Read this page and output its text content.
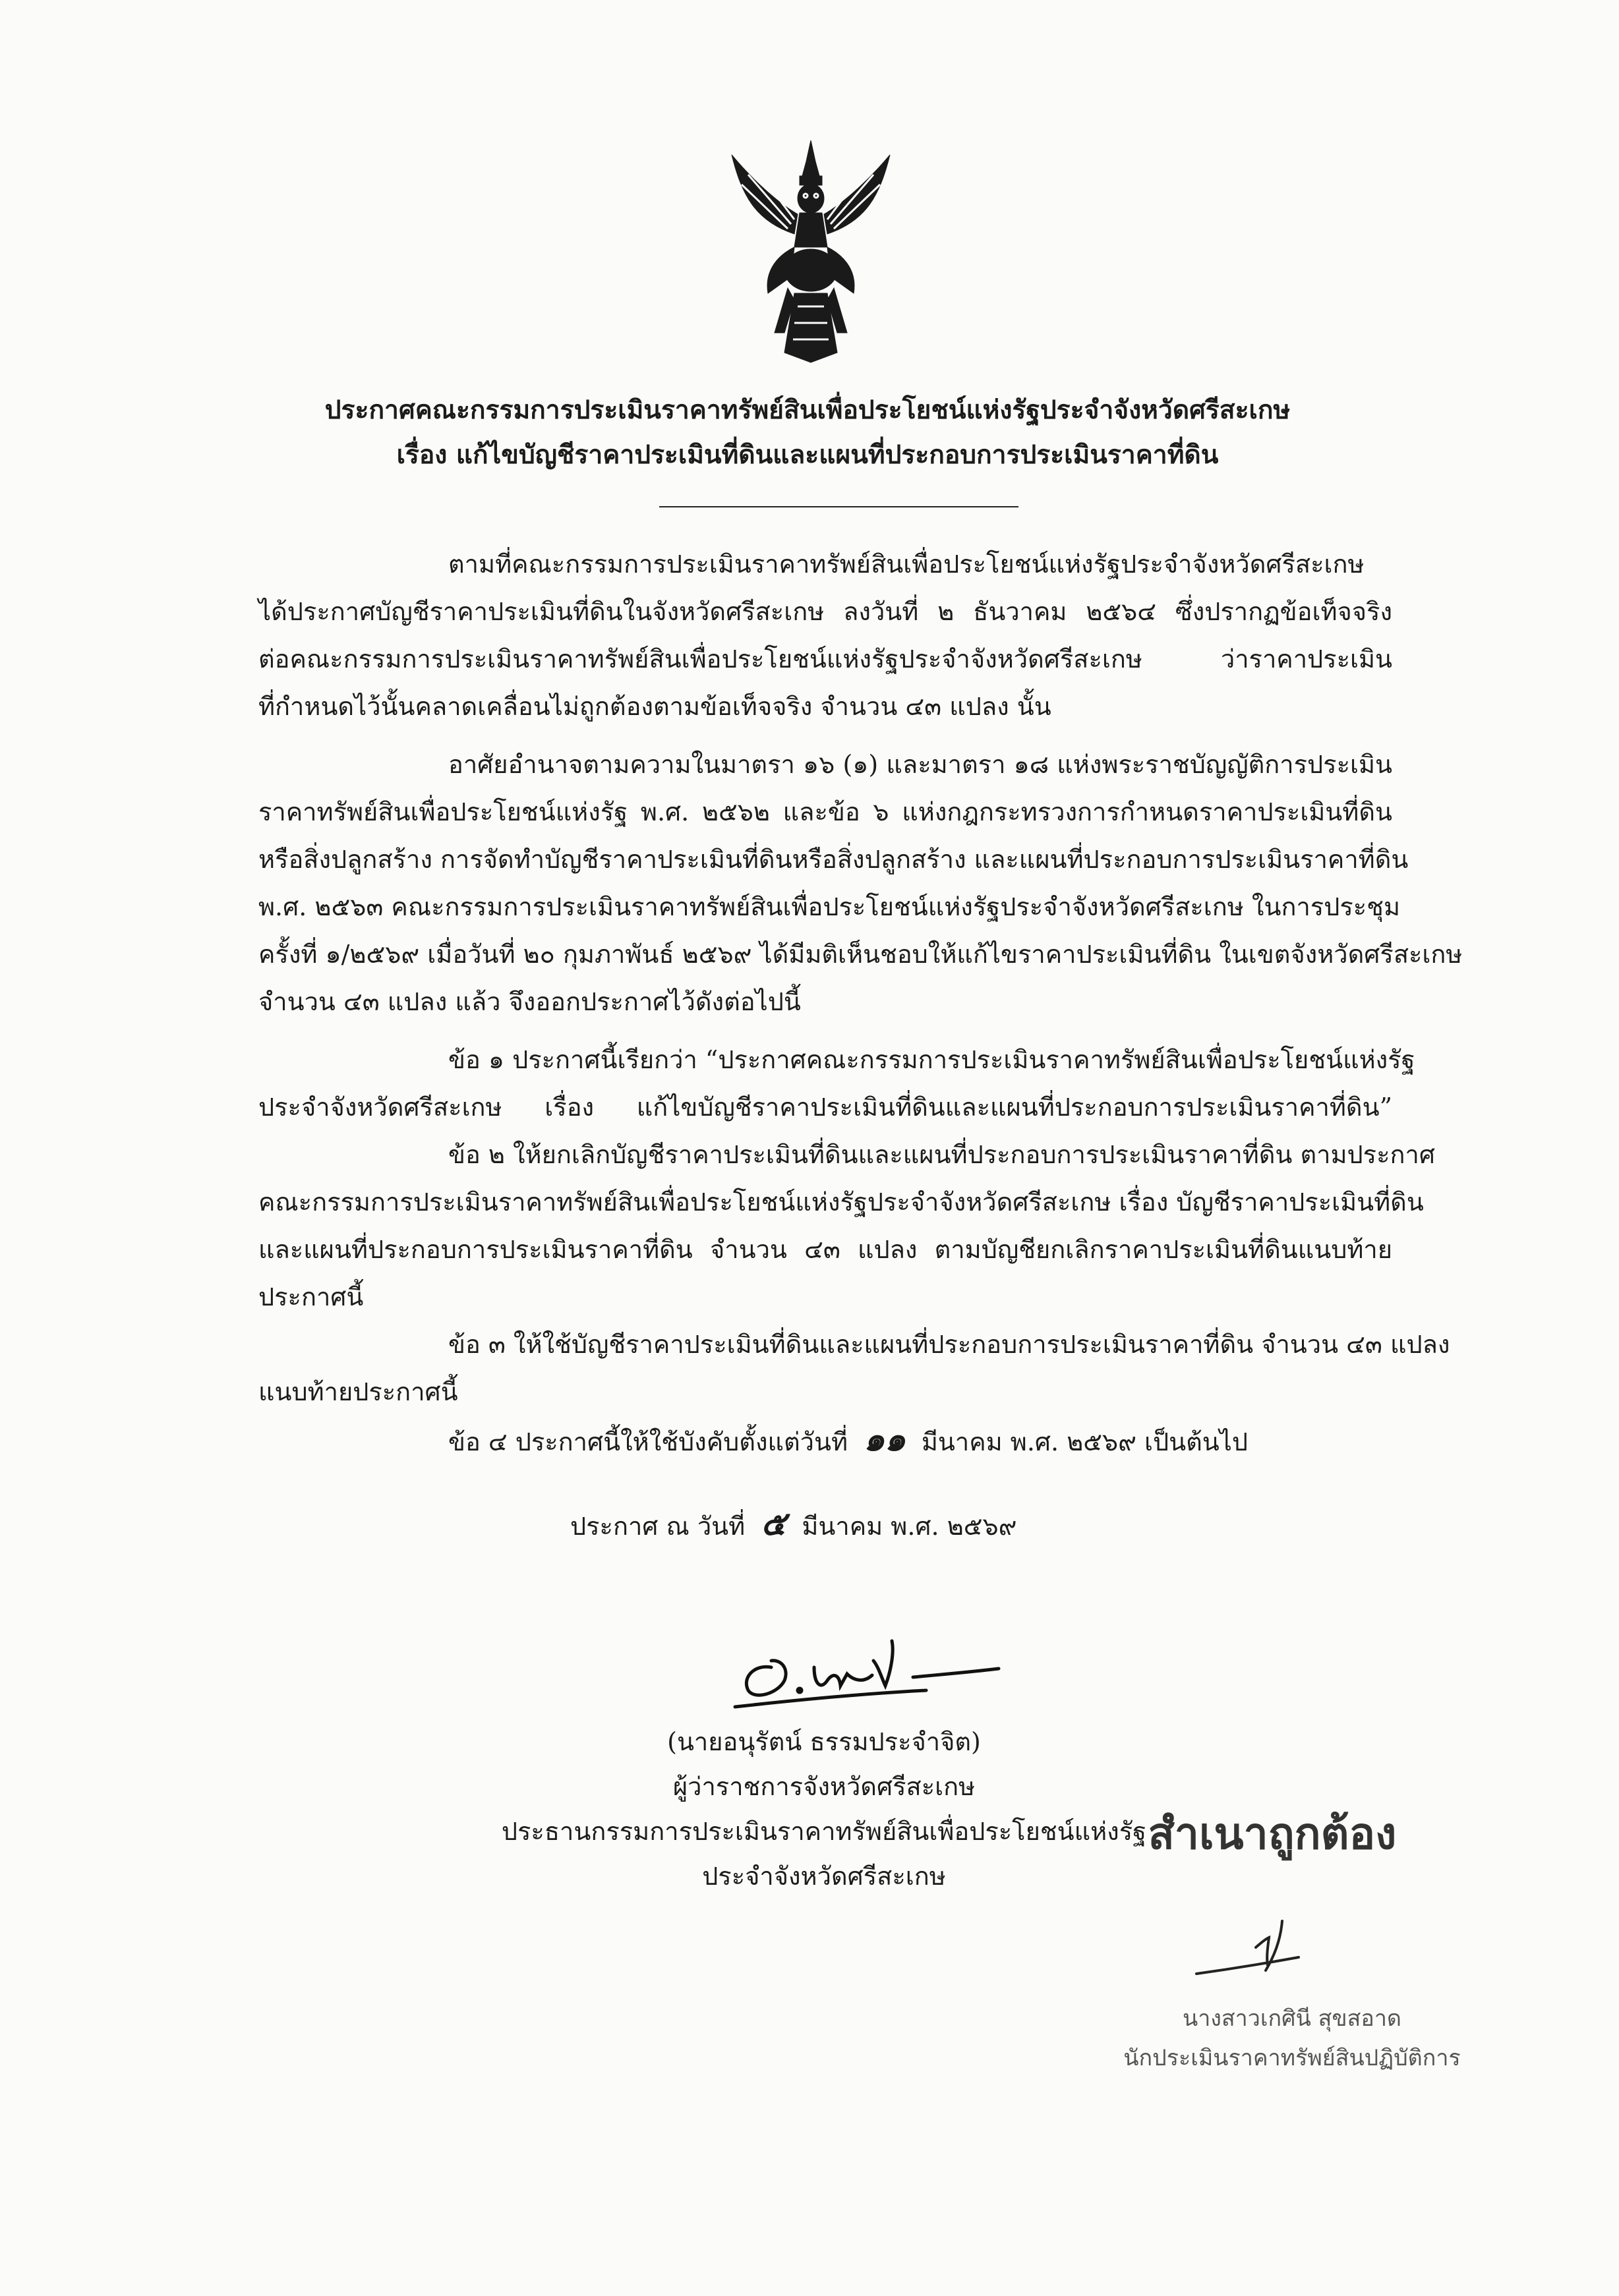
ประกาศคณะกรรมการประเมินราคาทรัพย์สินเพื่อประโยชน์แห่งรัฐประจำจังหวัดศรีสะเกษ
เรื่อง แก้ไขบัญชีราคาประเมินที่ดินและแผนที่ประกอบการประเมินราคาที่ดิน
ตามที่คณะกรรมการประเมินราคาทรัพย์สินเพื่อประโยชน์แห่งรัฐประจำจังหวัดศรีสะเกษ
ได้ประกาศบัญชีราคาประเมินที่ดินในจังหวัดศรีสะเกษ ลงวันที่ ๒ ธันวาคม ๒๕๖๔ ซึ่งปรากฏข้อเท็จจริง
ต่อคณะกรรมการประเมินราคาทรัพย์สินเพื่อประโยชน์แห่งรัฐประจำจังหวัดศรีสะเกษ ว่าราคาประเมิน
ที่กำหนดไว้นั้นคลาดเคลื่อนไม่ถูกต้องตามข้อเท็จจริง จำนวน ๔๓ แปลง นั้น
อาศัยอำนาจตามความในมาตรา ๑๖ (๑) และมาตรา ๑๘ แห่งพระราชบัญญัติการประเมิน
ราคาทรัพย์สินเพื่อประโยชน์แห่งรัฐ พ.ศ. ๒๕๖๒ และข้อ ๖ แห่งกฎกระทรวงการกำหนดราคาประเมินที่ดิน
หรือสิ่งปลูกสร้าง การจัดทำบัญชีราคาประเมินที่ดินหรือสิ่งปลูกสร้าง และแผนที่ประกอบการประเมินราคาที่ดิน
พ.ศ. ๒๕๖๓ คณะกรรมการประเมินราคาทรัพย์สินเพื่อประโยชน์แห่งรัฐประจำจังหวัดศรีสะเกษ ในการประชุม
ครั้งที่ ๑/๒๕๖๙ เมื่อวันที่ ๒๐ กุมภาพันธ์ ๒๕๖๙ ได้มีมติเห็นชอบให้แก้ไขราคาประเมินที่ดิน ในเขตจังหวัดศรีสะเกษ
จำนวน ๔๓ แปลง แล้ว จึงออกประกาศไว้ดังต่อไปนี้
ข้อ ๑ ประกาศนี้เรียกว่า “ประกาศคณะกรรมการประเมินราคาทรัพย์สินเพื่อประโยชน์แห่งรัฐ
ประจำจังหวัดศรีสะเกษ เรื่อง แก้ไขบัญชีราคาประเมินที่ดินและแผนที่ประกอบการประเมินราคาที่ดิน”
ข้อ ๒ ให้ยกเลิกบัญชีราคาประเมินที่ดินและแผนที่ประกอบการประเมินราคาที่ดิน ตามประกาศ
คณะกรรมการประเมินราคาทรัพย์สินเพื่อประโยชน์แห่งรัฐประจำจังหวัดศรีสะเกษ เรื่อง บัญชีราคาประเมินที่ดิน
และแผนที่ประกอบการประเมินราคาที่ดิน จำนวน ๔๓ แปลง ตามบัญชียกเลิกราคาประเมินที่ดินแนบท้าย
ประกาศนี้
ข้อ ๓ ให้ใช้บัญชีราคาประเมินที่ดินและแผนที่ประกอบการประเมินราคาที่ดิน จำนวน ๔๓ แปลง
แนบท้ายประกาศนี้
ข้อ ๔ ประกาศนี้ให้ใช้บังคับตั้งแต่วันที่ ๑๑ มีนาคม พ.ศ. ๒๕๖๙ เป็นต้นไป
ประกาศ ณ วันที่ ๕ มีนาคม พ.ศ. ๒๕๖๙
(นายอนุรัตน์ ธรรมประจำจิต)
ผู้ว่าราชการจังหวัดศรีสะเกษ
ประธานกรรมการประเมินราคาทรัพย์สินเพื่อประโยชน์แห่งรัฐ
ประจำจังหวัดศรีสะเกษ
สำเนาถูกต้อง
นางสาวเกศินี สุขสอาด
นักประเมินราคาทรัพย์สินปฏิบัติการ
